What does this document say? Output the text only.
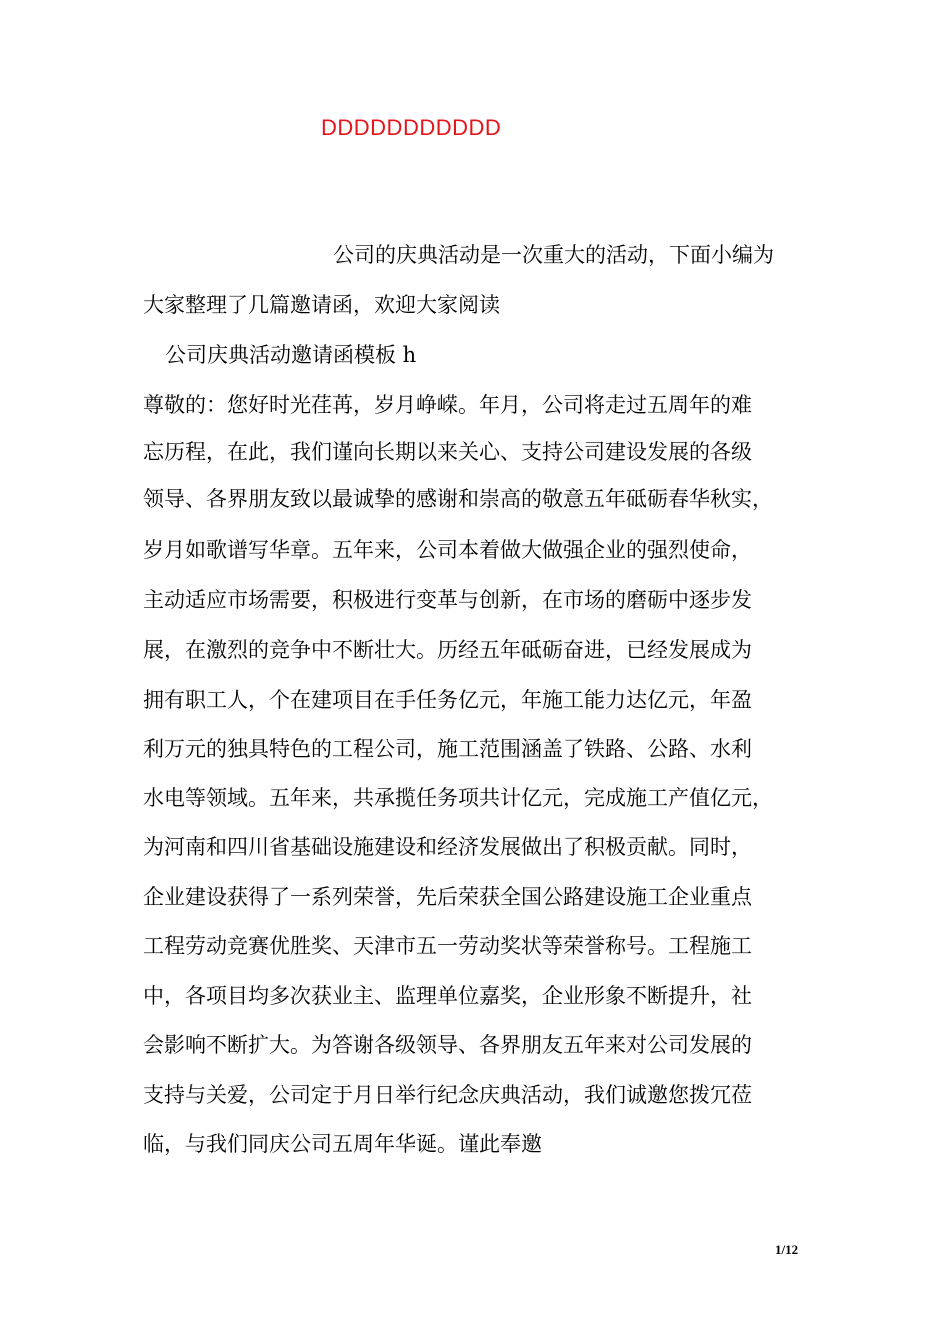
DDDDDDDDDDD
公司的庆典活动是一次重大的活动，下面小编为
大家整理了几篇邀请函，欢迎大家阅读
公司庆典活动邀请函模板 h
尊敬的：您好时光荏苒，岁月峥嵘。年月，公司将走过五周年的难
忘历程，在此，我们谨向长期以来关心、支持公司建设发展的各级
领导、各界朋友致以最诚挚的感谢和崇高的敬意五年砥砺春华秋实，
岁月如歌谱写华章。五年来，公司本着做大做强企业的强烈使命，
主动适应市场需要，积极进行变革与创新，在市场的磨砺中逐步发
展，在激烈的竞争中不断壮大。历经五年砥砺奋进，已经发展成为
拥有职工人，个在建项目在手任务亿元，年施工能力达亿元，年盈
利万元的独具特色的工程公司，施工范围涵盖了铁路、公路、水利
水电等领域。五年来，共承揽任务项共计亿元，完成施工产值亿元，
为河南和四川省基础设施建设和经济发展做出了积极贡献。同时，
企业建设获得了一系列荣誉，先后荣获全国公路建设施工企业重点
工程劳动竞赛优胜奖、天津市五一劳动奖状等荣誉称号。工程施工
中，各项目均多次获业主、监理单位嘉奖，企业形象不断提升，社
会影响不断扩大。为答谢各级领导、各界朋友五年来对公司发展的
支持与关爱，公司定于月日举行纪念庆典活动，我们诚邀您拨冗莅
临，与我们同庆公司五周年华诞。谨此奉邀
1/12
